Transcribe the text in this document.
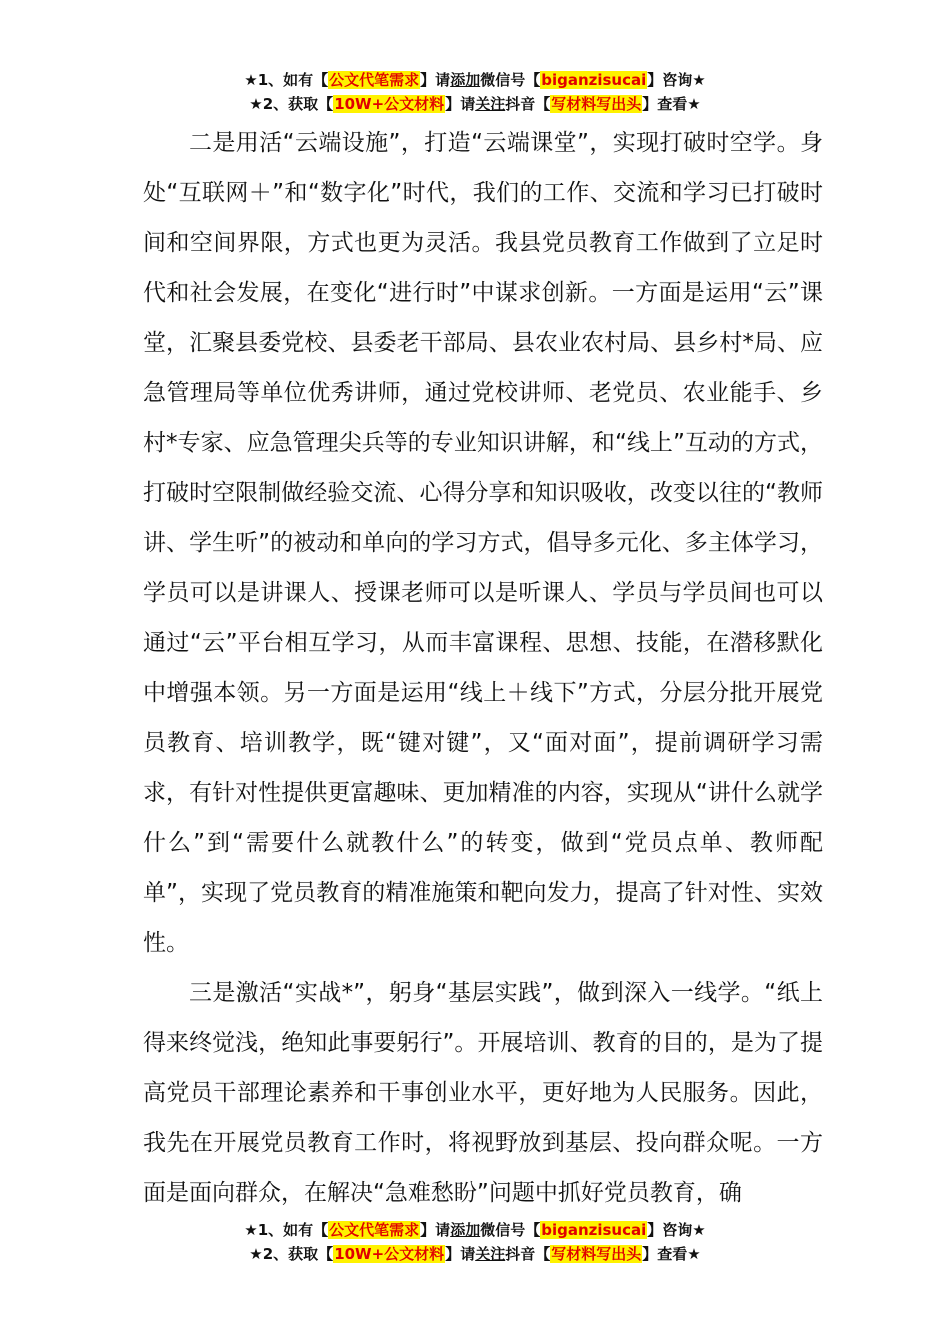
★1、如有【公文代笔需求】请添加微信号【biganzisucai】咨询★
★2、获取【10W+公文材料】请关注抖音【写材料写出头】查看★

二是用活“云端设施”，打造“云端课堂”，实现打破时空学。身处“互联网＋”和“数字化”时代，我们的工作、交流和学习已打破时间和空间界限，方式也更为灵活。我县党员教育工作做到了立足时代和社会发展，在变化“进行时”中谋求创新。一方面是运用“云”课堂，汇聚县委党校、县委老干部局、县农业农村局、县乡村*局、应急管理局等单位优秀讲师，通过党校讲师、老党员、农业能手、乡村*专家、应急管理尖兵等的专业知识讲解，和“线上”互动的方式，打破时空限制做经验交流、心得分享和知识吸收，改变以往的“教师讲、学生听”的被动和单向的学习方式，倡导多元化、多主体学习，学员可以是讲课人、授课老师可以是听课人、学员与学员间也可以通过“云”平台相互学习，从而丰富课程、思想、技能，在潜移默化中增强本领。另一方面是运用“线上＋线下”方式，分层分批开展党员教育、培训教学，既“键对键”，又“面对面”，提前调研学习需求，有针对性提供更富趣味、更加精准的内容，实现从“讲什么就学什么”到“需要什么就教什么”的转变，做到“党员点单、教师配单”，实现了党员教育的精准施策和靶向发力，提高了针对性、实效性。

三是激活“实战*”，躬身“基层实践”，做到深入一线学。“纸上得来终觉浅，绝知此事要躬行”。开展培训、教育的目的，是为了提高党员干部理论素养和干事创业水平，更好地为人民服务。因此，我先在开展党员教育工作时，将视野放到基层、投向群众呢。一方面是面向群众，在解决“急难愁盼”问题中抓好党员教育，确

★1、如有【公文代笔需求】请添加微信号【biganzisucai】咨询★
★2、获取【10W+公文材料】请关注抖音【写材料写出头】查看★
